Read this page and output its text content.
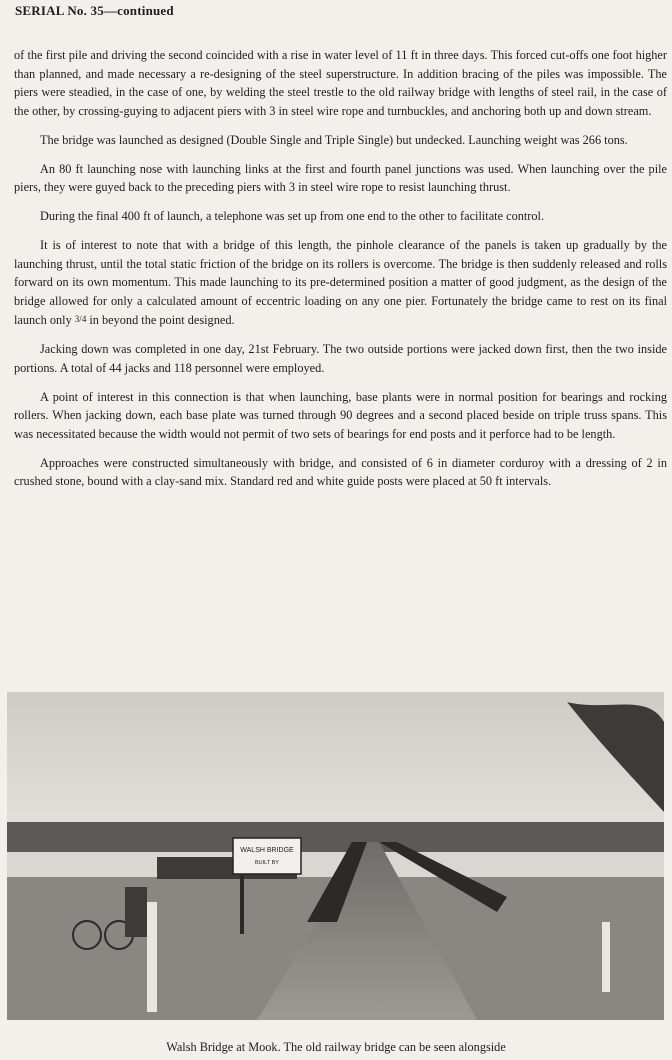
SERIAL No. 35—continued

of the first pile and driving the second coincided with a rise in water level of 11 ft in three days. This forced cut-offs one foot higher than planned, and made necessary a re-designing of the steel superstructure. In addition bracing of the piles was impossible. The piers were steadied, in the case of one, by welding the steel trestle to the old railway bridge with lengths of steel rail, in the case of the other, by crossing-guying to adjacent piers with 3 in steel wire rope and turnbuckles, and anchoring both up and down stream.

The bridge was launched as designed (Double Single and Triple Single) but undecked. Launching weight was 266 tons.

An 80 ft launching nose with launching links at the first and fourth panel junctions was used. When launching over the pile piers, they were guyed back to the preceding piers with 3 in steel wire rope to resist launching thrust.

During the final 400 ft of launch, a telephone was set up from one end to the other to facilitate control.

It is of interest to note that with a bridge of this length, the pinhole clearance of the panels is taken up gradually by the launching thrust, until the total static friction of the bridge on its rollers is overcome. The bridge is then suddenly released and rolls forward on its own momentum. This made launching to its pre-determined position a matter of good judgment, as the design of the bridge allowed for only a calculated amount of eccentric loading on any one pier. Fortunately the bridge came to rest on its final launch only 3/4 in beyond the point designed.

Jacking down was completed in one day, 21st February. The two outside portions were jacked down first, then the two inside portions. A total of 44 jacks and 118 personnel were employed.

A point of interest in this connection is that when launching, base plants were in normal position for bearings and rocking rollers. When jacking down, each base plate was turned through 90 degrees and a second placed beside on triple truss spans. This was necessitated because the width would not permit of two sets of bearings for end posts and it perforce had to be length.

Approaches were constructed simultaneously with bridge, and consisted of 6 in diameter corduroy with a dressing of 2 in crushed stone, bound with a clay-sand mix. Standard red and white guide posts were placed at 50 ft intervals.

WALSH BRIDGE
BUILT BY
Walsh Bridge at Mook. The old railway bridge can be seen alongside
